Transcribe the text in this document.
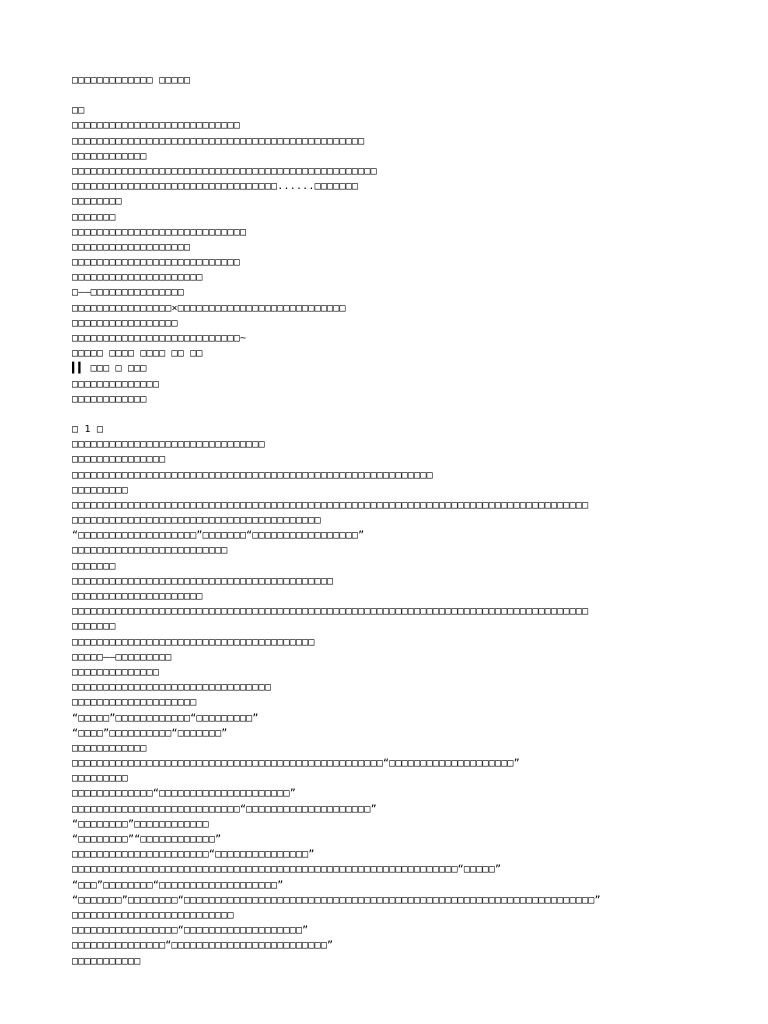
□□□□□□□□□□□□□ □□□□□
□□
□□□□□□□□□□□□□□□□□□□□□□□□□□□
□□□□□□□□□□□□□□□□□□□□□□□□□□□□□□□□□□□□□□□□□□□□□□□
□□□□□□□□□□□□
□□□□□□□□□□□□□□□□□□□□□□□□□□□□□□□□□□□□□□□□□□□□□□□□□
□□□□□□□□□□□□□□□□□□□□□□□□□□□□□□□□□......□□□□□□□
□□□□□□□□
□□□□□□□
□□□□□□□□□□□□□□□□□□□□□□□□□□□□
□□□□□□□□□□□□□□□□□□□
□□□□□□□□□□□□□□□□□□□□□□□□□□□
□□□□□□□□□□□□□□□□□□□□□
□——□□□□□□□□□□□□□□□
□□□□□□□□□□□□□□□□×□□□□□□□□□□□□□□□□□□□□□□□□□□□
□□□□□□□□□□□□□□□□□
□□□□□□□□□□□□□□□□□□□□□□□□□□□~
□□□□□ □□□□ □□□□ □□ □□
▍▍ □□□ □ □□□
□□□□□□□□□□□□□□
□□□□□□□□□□□□
□ 1 □
□□□□□□□□□□□□□□□□□□□□□□□□□□□□□□□
□□□□□□□□□□□□□□□
□□□□□□□□□□□□□□□□□□□□□□□□□□□□□□□□□□□□□□□□□□□□□□□□□□□□□□□□□□
□□□□□□□□□
□□□□□□□□□□□□□□□□□□□□□□□□□□□□□□□□□□□□□□□□□□□□□□□□□□□□□□□□□□□□□□□□□□□□□□□□□□□□□□□□□□□
□□□□□□□□□□□□□□□□□□□□□□□□□□□□□□□□□□□□□□□□
“□□□□□□□□□□□□□□□□□□□”□□□□□□□“□□□□□□□□□□□□□□□□□”
□□□□□□□□□□□□□□□□□□□□□□□□□
□□□□□□□
□□□□□□□□□□□□□□□□□□□□□□□□□□□□□□□□□□□□□□□□□□
□□□□□□□□□□□□□□□□□□□□□
□□□□□□□□□□□□□□□□□□□□□□□□□□□□□□□□□□□□□□□□□□□□□□□□□□□□□□□□□□□□□□□□□□□□□□□□□□□□□□□□□□□
□□□□□□□
□□□□□□□□□□□□□□□□□□□□□□□□□□□□□□□□□□□□□□□
□□□□□——□□□□□□□□□
□□□□□□□□□□□□□□
□□□□□□□□□□□□□□□□□□□□□□□□□□□□□□□□
□□□□□□□□□□□□□□□□□□□□
“□□□□□”□□□□□□□□□□□□“□□□□□□□□□”
“□□□□”□□□□□□□□□□“□□□□□□□”
□□□□□□□□□□□□
□□□□□□□□□□□□□□□□□□□□□□□□□□□□□□□□□□□□□□□□□□□□□□□□□□“□□□□□□□□□□□□□□□□□□□□”
□□□□□□□□□
□□□□□□□□□□□□□“□□□□□□□□□□□□□□□□□□□□□”
□□□□□□□□□□□□□□□□□□□□□□□□□□□“□□□□□□□□□□□□□□□□□□□□”
“□□□□□□□□”□□□□□□□□□□□□
“□□□□□□□□”“□□□□□□□□□□□□”
□□□□□□□□□□□□□□□□□□□□□□“□□□□□□□□□□□□□□□”
□□□□□□□□□□□□□□□□□□□□□□□□□□□□□□□□□□□□□□□□□□□□□□□□□□□□□□□□□□□□□□“□□□□□”
“□□□”□□□□□□□□“□□□□□□□□□□□□□□□□□□□”
“□□□□□□□”□□□□□□□□“□□□□□□□□□□□□□□□□□□□□□□□□□□□□□□□□□□□□□□□□□□□□□□□□□□□□□□□□□□□□□□□□□□”
□□□□□□□□□□□□□□□□□□□□□□□□□□
□□□□□□□□□□□□□□□□□“□□□□□□□□□□□□□□□□□□□”
□□□□□□□□□□□□□□□“□□□□□□□□□□□□□□□□□□□□□□□□□”
□□□□□□□□□□□
